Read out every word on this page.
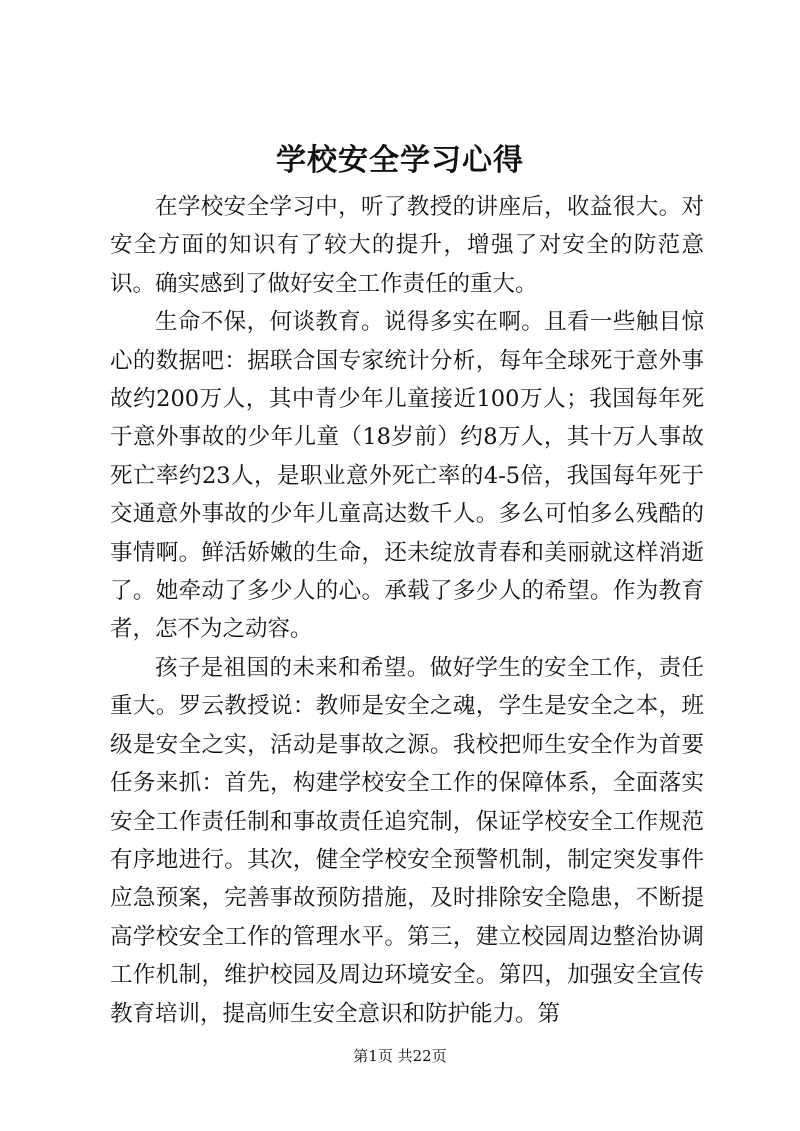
学校安全学习心得

在学校安全学习中，听了教授的讲座后，收益很大。对安全方面的知识有了较大的提升，增强了对安全的防范意识。确实感到了做好安全工作责任的重大。

生命不保，何谈教育。说得多实在啊。且看一些触目惊心的数据吧：据联合国专家统计分析，每年全球死于意外事故约200万人，其中青少年儿童接近100万人；我国每年死于意外事故的少年儿童（18岁前）约8万人，其十万人事故死亡率约23人，是职业意外死亡率的4-5倍，我国每年死于交通意外事故的少年儿童高达数千人。多么可怕多么残酷的事情啊。鲜活娇嫩的生命，还未绽放青春和美丽就这样消逝了。她牵动了多少人的心。承载了多少人的希望。作为教育者，怎不为之动容。

孩子是祖国的未来和希望。做好学生的安全工作，责任重大。罗云教授说：教师是安全之魂，学生是安全之本，班级是安全之实，活动是事故之源。我校把师生安全作为首要任务来抓：首先，构建学校安全工作的保障体系，全面落实安全工作责任制和事故责任追究制，保证学校安全工作规范有序地进行。其次，健全学校安全预警机制，制定突发事件应急预案，完善事故预防措施，及时排除安全隐患，不断提高学校安全工作的管理水平。第三，建立校园周边整治协调工作机制，维护校园及周边环境安全。第四，加强安全宣传教育培训，提高师生安全意识和防护能力。第

第1页 共22页
